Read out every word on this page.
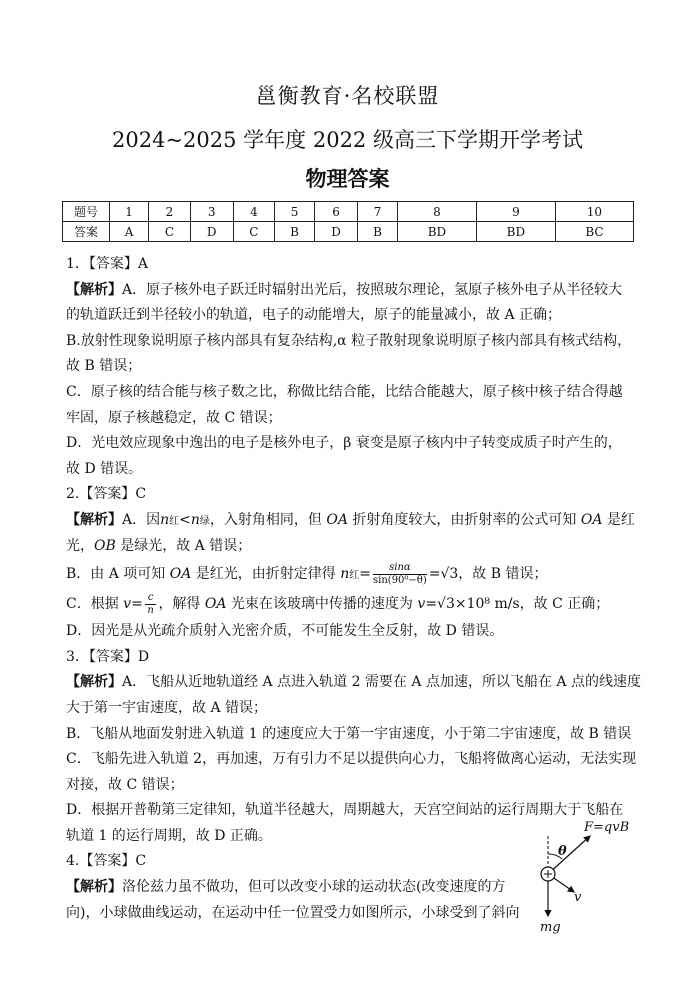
邕衡教育·名校联盟
2024~2025 学年度 2022 级高三下学期开学考试
物理答案
题号	1	2	3	4	5	6	7	8	9	10
答案	A	C	D	C	B	D	B	BD	BD	BC
1．【答案】A
【解析】A．原子核外电子跃迁时辐射出光后，按照玻尔理论，氢原子核外电子从半径较大
的轨道跃迁到半径较小的轨道，电子的动能增大，原子的能量减小，故 A 正确；
B.放射性现象说明原子核内部具有复杂结构,α 粒子散射现象说明原子核内部具有核式结构，
故 B 错误；
C．原子核的结合能与核子数之比，称做比结合能，比结合能越大，原子核中核子结合得越
牢固，原子核越稳定，故 C 错误；
D．光电效应现象中逸出的电子是核外电子，β 衰变是原子核内中子转变成质子时产生的，
故 D 错误。
2.【答案】C
【解析】A．因n红<n绿，入射角相同，但 OA 折射角度较大，由折射率的公式可知 OA 是红
光，OB 是绿光，故 A 错误；
B．由 A 项可知 OA 是红光，由折射定律得 n红= $\frac{\sin\alpha}{\text{sin(90⁰−θ)}} =√3$，故 B 错误；
C．根据 $v= \frac{c}{n}$ ，解得 OA 光束在该玻璃中传播的速度为 v=√3×10⁸ m/s，故 C 正确；
D．因光是从光疏介质射入光密介质，不可能发生全反射，故 D 错误。
3．【答案】D
【解析】A．飞船从近地轨道经 A 点进入轨道 2 需要在 A 点加速，所以飞船在 A 点的线速度
大于第一宇宙速度，故 A 错误；
B．飞船从地面发射进入轨道 1 的速度应大于第一宇宙速度，小于第二宇宙速度，故 B 错误
C．飞船先进入轨道 2，再加速，万有引力不足以提供向心力，飞船将做离心运动，无法实现
对接，故 C 错误；
D．根据开普勒第三定律知，轨道半径越大，周期越大，天宫空间站的运行周期大于飞船在
轨道 1 的运行周期，故 D 正确。
4.【答案】C
【解析】洛伦兹力虽不做功，但可以改变小球的运动状态(改变速度的方
向)，小球做曲线运动，在运动中任一位置受力如图所示，小球受到了斜向
F=qvB
θ
v
mg
